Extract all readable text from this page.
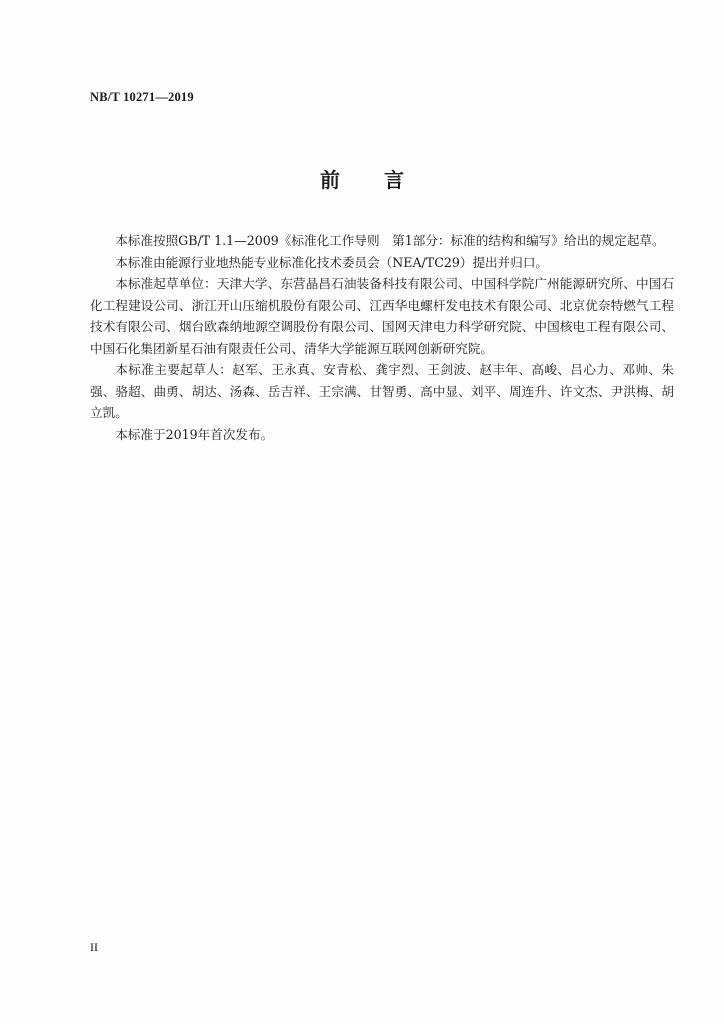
NB/T 10271—2019
前 言

本标准按照GB/T 1.1—2009《标准化工作导则　第1部分：标准的结构和编写》给出的规定起草。

本标准由能源行业地热能专业标准化技术委员会（NEA/TC29）提出并归口。

本标准起草单位：天津大学、东营晶昌石油装备科技有限公司、中国科学院广州能源研究所、中国石化工程建设公司、浙江开山压缩机股份有限公司、江西华电螺杆发电技术有限公司、北京优奈特燃气工程技术有限公司、烟台欧森纳地源空调股份有限公司、国网天津电力科学研究院、中国核电工程有限公司、中国石化集团新星石油有限责任公司、清华大学能源互联网创新研究院。

本标准主要起草人：赵军、王永真、安青松、龚宇烈、王剑波、赵丰年、高峻、吕心力、邓帅、朱强、骆超、曲勇、胡达、汤森、岳吉祥、王宗满、甘智勇、高中显、刘平、周连升、许文杰、尹洪梅、胡立凯。

本标准于2019年首次发布。

II
